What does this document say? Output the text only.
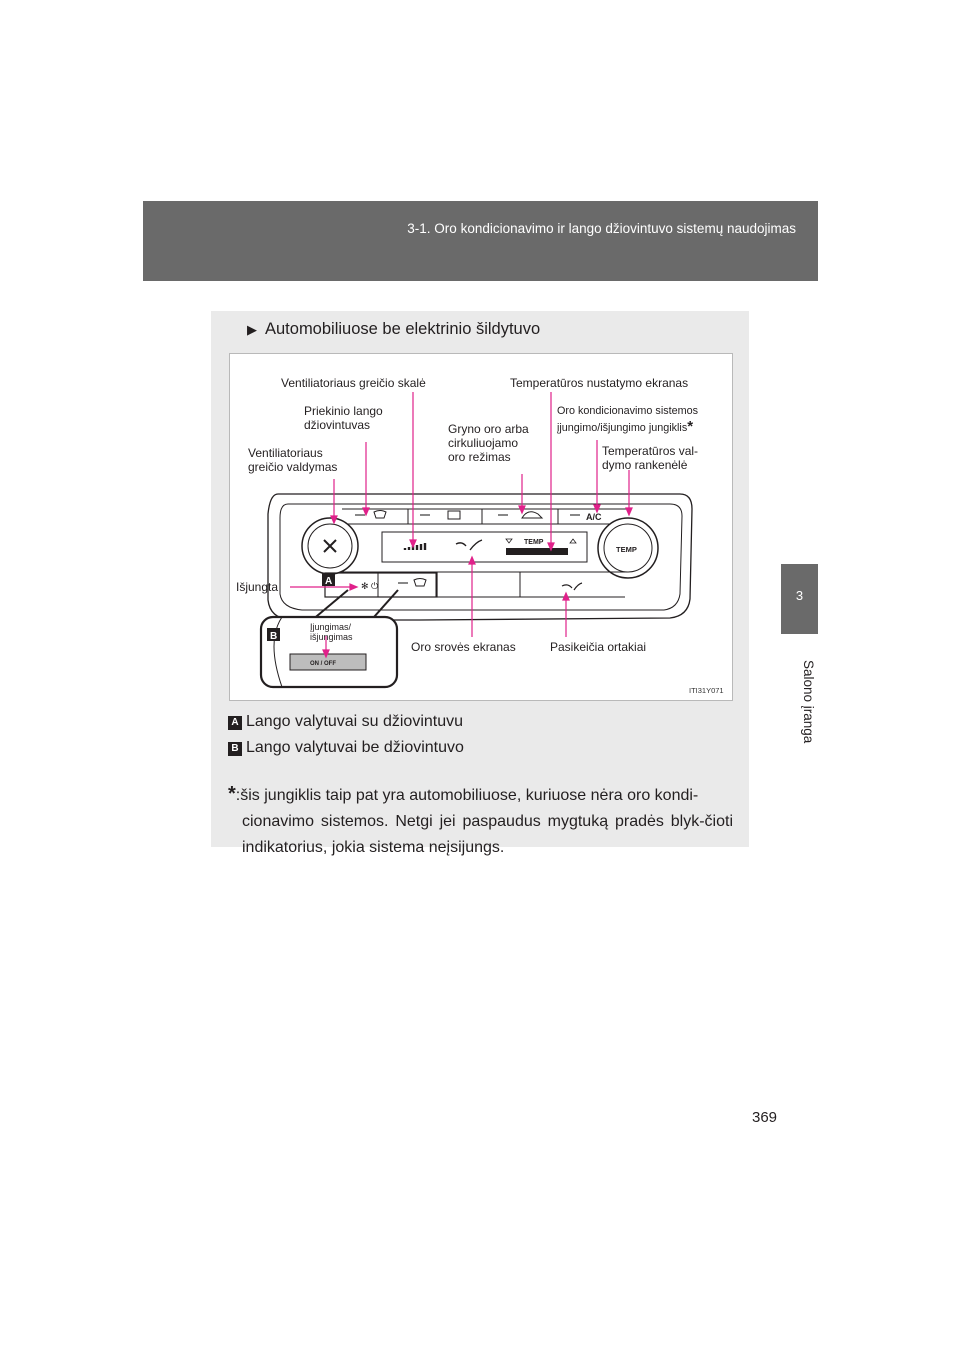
3-1. Oro kondicionavimo ir lango džiovintuvo sistemų naudojimas
3
Salono įranga
▶ Automobiliuose be elektrinio šildytuvo
A/C
TEMP
TEMP
✻ ⏻
A
ON / OFF
B
Ventiliatoriaus greičio skalė	Temperatūros nustatymo ekranas
Priekinio lango
džiovintuvas
Oro kondicionavimo sistemos
įjungimo/išjungimo jungiklis*
Gryno oro arba
cirkuliuojamo
oro režimas	Temperatūros val-
dymo rankenėlė
Ventiliatoriaus
greičio valdymas
Išjungta
Įjungimas/
išjungimas
Oro srovės ekranas	Pasikeičia ortakiai
ITI31Y071
A Lango valytuvai su džiovintuvu
B Lango valytuvai be džiovintuvo
*:šis jungiklis taip pat yra automobiliuose, kuriuose nėra oro kondi-
cionavimo sistemos. Netgi jei paspaudus mygtuką pradės blyk-čioti indikatorius, jokia sistema neįsijungs.
369
